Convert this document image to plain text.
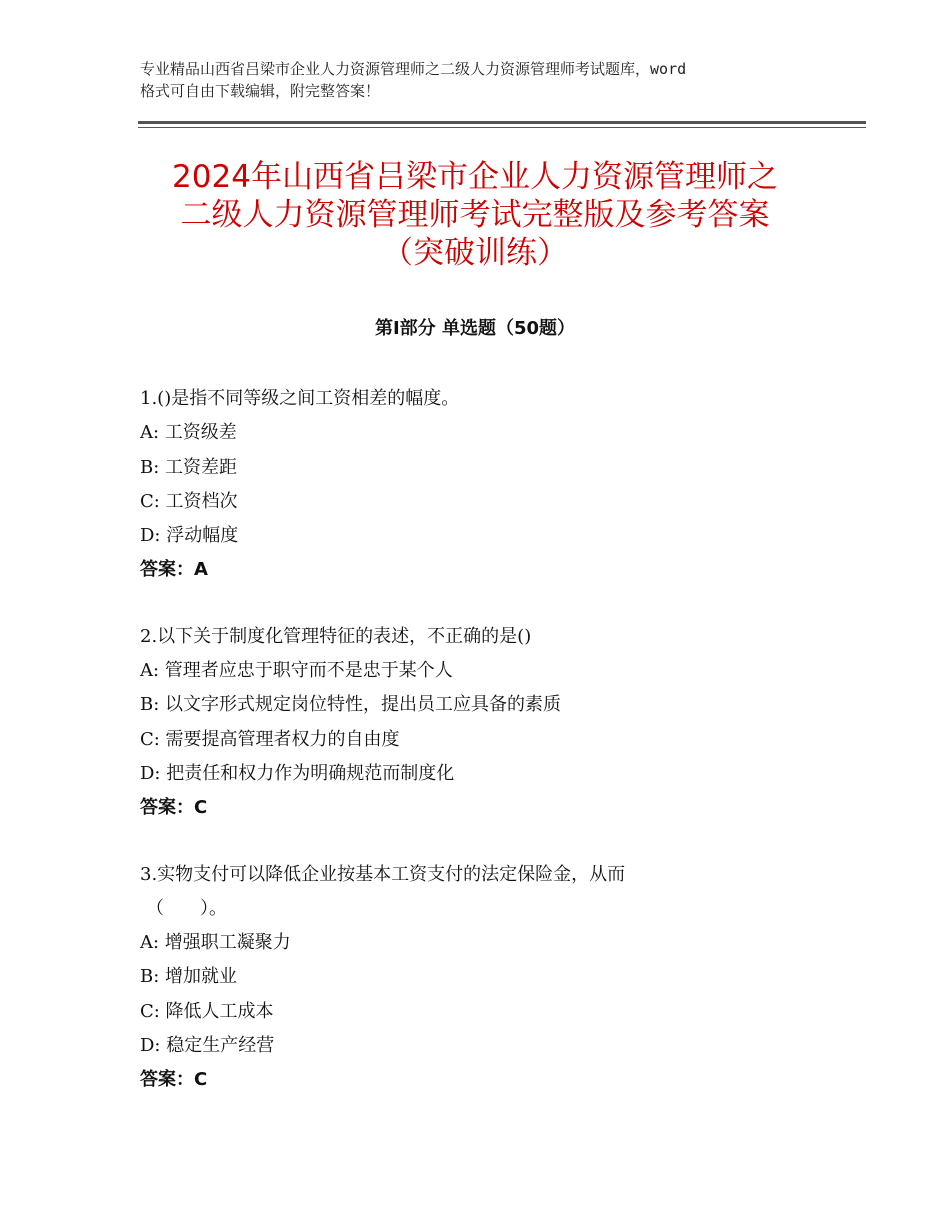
专业精品山西省吕梁市企业人力资源管理师之二级人力资源管理师考试题库，word
格式可自由下载编辑，附完整答案！
2024年山西省吕梁市企业人力资源管理师之
二级人力资源管理师考试完整版及参考答案
（突破训练）
第Ⅰ部分 单选题（50题）
1.()是指不同等级之间工资相差的幅度。
A: 工资级差
B: 工资差距
C: 工资档次
D: 浮动幅度
答案：A
2.以下关于制度化管理特征的表述，不正确的是()
A: 管理者应忠于职守而不是忠于某个人
B: 以文字形式规定岗位特性，提出员工应具备的素质
C: 需要提高管理者权力的自由度
D: 把责任和权力作为明确规范而制度化
答案：C
3.实物支付可以降低企业按基本工资支付的法定保险金，从而
（　　）。
A: 增强职工凝聚力
B: 增加就业
C: 降低人工成本
D: 稳定生产经营
答案：C
